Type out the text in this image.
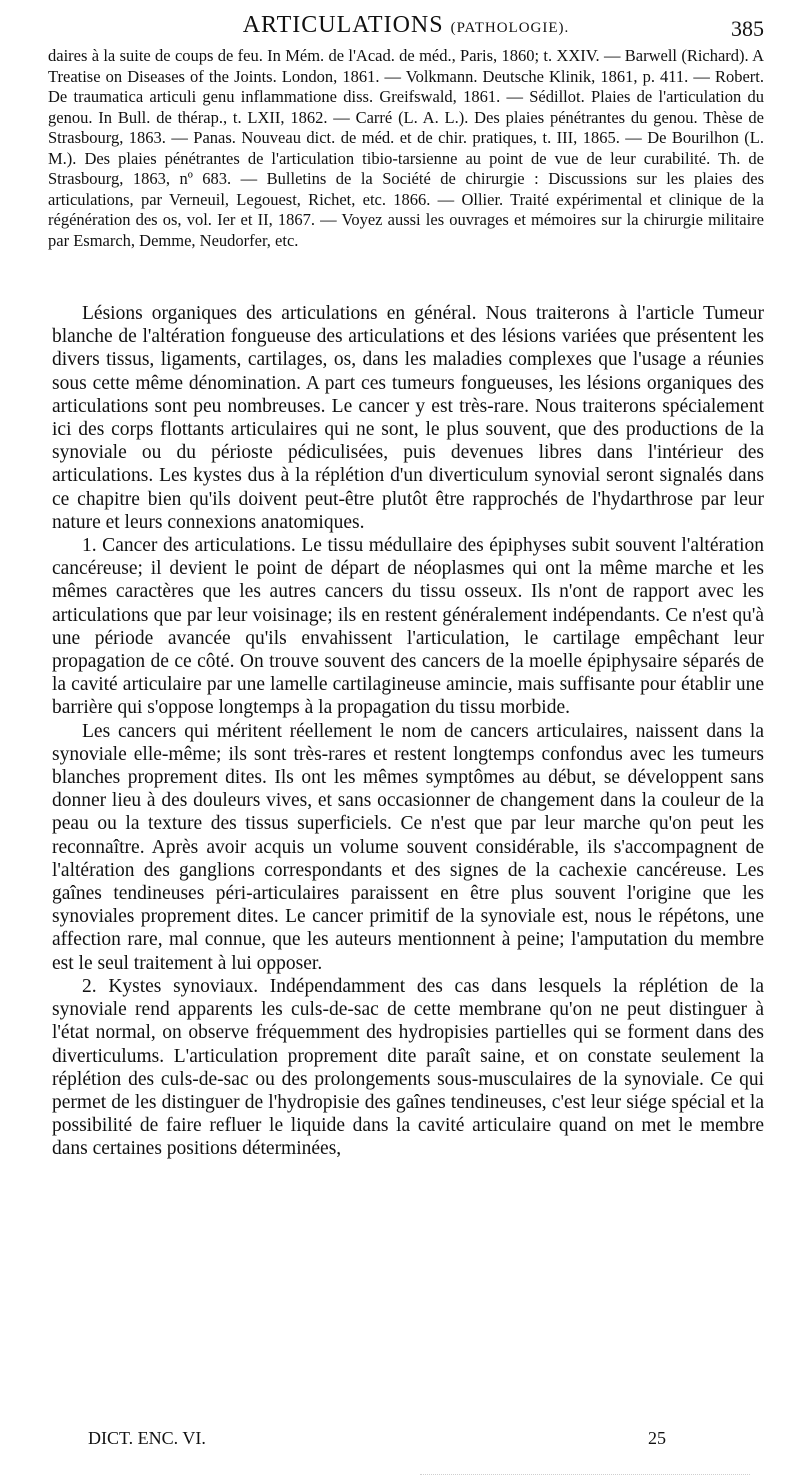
ARTICULATIONS (PATHOLOGIE).	385

daires à la suite de coups de feu. In Mém. de l'Acad. de méd., Paris, 1860; t. XXIV. — Barwell (Richard). A Treatise on Diseases of the Joints. London, 1861. — Volkmann. Deutsche Klinik, 1861, p. 411. — Robert. De traumatica articuli genu inflammatione diss. Greifswald, 1861. — Sédillot. Plaies de l'articulation du genou. In Bull. de thérap., t. LXII, 1862. — Carré (L. A. L.). Des plaies pénétrantes du genou. Thèse de Strasbourg, 1863. — Panas. Nouveau dict. de méd. et de chir. pratiques, t. III, 1865. — De Bourilhon (L. M.). Des plaies pénétrantes de l'articulation tibio-tarsienne au point de vue de leur curabilité. Th. de Strasbourg, 1863, nº 683. — Bulletins de la Société de chirurgie : Discussions sur les plaies des articulations, par Verneuil, Legouest, Richet, etc. 1866. — Ollier. Traité expérimental et clinique de la régénération des os, vol. Ier et II, 1867. — Voyez aussi les ouvrages et mémoires sur la chirurgie militaire par Esmarch, Demme, Neudorfer, etc.

Lésions organiques des articulations en général. Nous traiterons à l'article Tumeur blanche de l'altération fongueuse des articulations et des lésions variées que présentent les divers tissus, ligaments, cartilages, os, dans les maladies complexes que l'usage a réunies sous cette même dénomination. A part ces tumeurs fongueuses, les lésions organiques des articulations sont peu nombreuses. Le cancer y est très-rare. Nous traiterons spécialement ici des corps flottants articulaires qui ne sont, le plus souvent, que des productions de la synoviale ou du périoste pédiculisées, puis devenues libres dans l'intérieur des articulations. Les kystes dus à la réplétion d'un diverticulum synovial seront signalés dans ce chapitre bien qu'ils doivent peut-être plutôt être rapprochés de l'hydarthrose par leur nature et leurs connexions anatomiques.

1. Cancer des articulations. Le tissu médullaire des épiphyses subit souvent l'altération cancéreuse; il devient le point de départ de néoplasmes qui ont la même marche et les mêmes caractères que les autres cancers du tissu osseux. Ils n'ont de rapport avec les articulations que par leur voisinage; ils en restent généralement indépendants. Ce n'est qu'à une période avancée qu'ils envahissent l'articulation, le cartilage empêchant leur propagation de ce côté. On trouve souvent des cancers de la moelle épiphysaire séparés de la cavité articulaire par une lamelle cartilagineuse amincie, mais suffisante pour établir une barrière qui s'oppose longtemps à la propagation du tissu morbide.

Les cancers qui méritent réellement le nom de cancers articulaires, naissent dans la synoviale elle-même; ils sont très-rares et restent longtemps confondus avec les tumeurs blanches proprement dites. Ils ont les mêmes symptômes au début, se développent sans donner lieu à des douleurs vives, et sans occasionner de changement dans la couleur de la peau ou la texture des tissus superficiels. Ce n'est que par leur marche qu'on peut les reconnaître. Après avoir acquis un volume souvent considérable, ils s'accompagnent de l'altération des ganglions correspondants et des signes de la cachexie cancéreuse. Les gaînes tendineuses péri-articulaires paraissent en être plus souvent l'origine que les synoviales proprement dites. Le cancer primitif de la synoviale est, nous le répétons, une affection rare, mal connue, que les auteurs mentionnent à peine; l'amputation du membre est le seul traitement à lui opposer.

2. Kystes synoviaux. Indépendamment des cas dans lesquels la réplétion de la synoviale rend apparents les culs-de-sac de cette membrane qu'on ne peut distinguer à l'état normal, on observe fréquemment des hydropisies partielles qui se forment dans des diverticulums. L'articulation proprement dite paraît saine, et on constate seulement la réplétion des culs-de-sac ou des prolongements sous-musculaires de la synoviale. Ce qui permet de les distinguer de l'hydropisie des gaînes tendineuses, c'est leur siége spécial et la possibilité de faire refluer le liquide dans la cavité articulaire quand on met le membre dans certaines positions déterminées,

DICT. ENC. VI.	25
